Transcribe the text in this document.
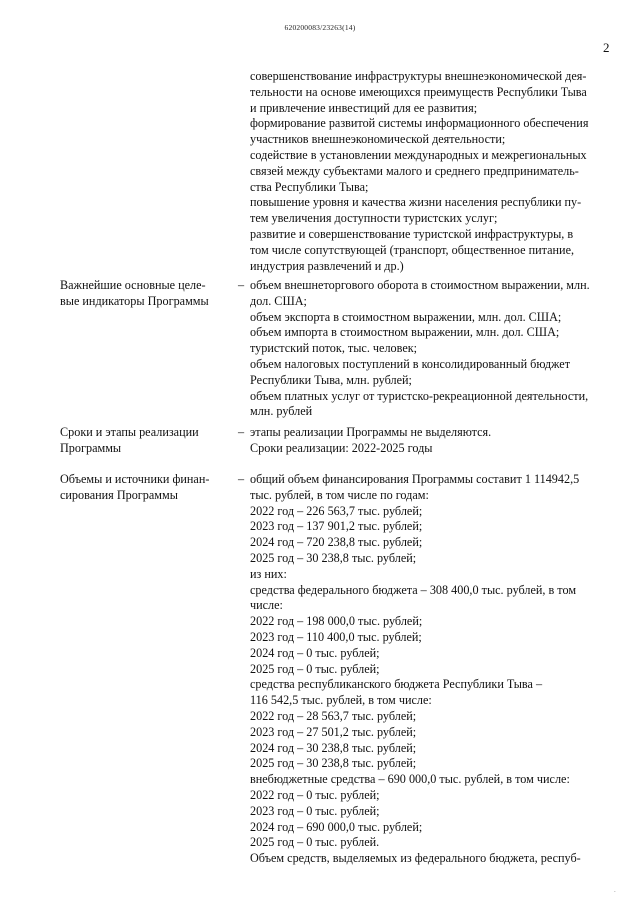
620200083/23263(14)
2

совершенствование инфраструктуры внешнеэкономической дея-

тельности на основе имеющихся преимуществ Республики Тыва

и привлечение инвестиций для ее развития;

формирование развитой системы информационного обеспечения

участников внешнеэкономической деятельности;

содействие в установлении международных и межрегиональных

связей между субъектами малого и среднего предприниматель-

ства Республики Тыва;

повышение уровня и качества жизни населения республики пу-

тем увеличения доступности туристских услуг;

развитие и совершенствование туристской инфраструктуры, в

том числе сопутствующей (транспорт, общественное питание,

индустрия развлечений и др.)

Важнейшие основные целе-

вые индикаторы Программы

– объем внешнеторгового оборота в стоимостном выражении, млн.

дол. США;

объем экспорта в стоимостном выражении, млн. дол. США;

объем импорта в стоимостном выражении, млн. дол. США;

туристский поток, тыс. человек;

объем налоговых поступлений в консолидированный бюджет

Республики Тыва, млн. рублей;

объем платных услуг от туристско-рекреационной деятельности,

млн. рублей

Сроки и этапы реализации

Программы

– этапы реализации Программы не выделяются.

Сроки реализации: 2022-2025 годы

Объемы и источники финан-

сирования Программы

– общий объем финансирования Программы составит 1 114942,5

тыс. рублей, в том числе по годам:

2022 год – 226 563,7 тыс. рублей;

2023 год – 137 901,2 тыс. рублей;

2024 год – 720 238,8 тыс. рублей;

2025 год – 30 238,8 тыс. рублей;

из них:

средства федерального бюджета – 308 400,0 тыс. рублей, в том

числе:

2022 год – 198 000,0 тыс. рублей;

2023 год – 110 400,0 тыс. рублей;

2024 год – 0 тыс. рублей;

2025 год – 0 тыс. рублей;

средства республиканского бюджета Республики Тыва –

116 542,5 тыс. рублей, в том числе:

2022 год – 28 563,7 тыс. рублей;

2023 год – 27 501,2 тыс. рублей;

2024 год – 30 238,8 тыс. рублей;

2025 год – 30 238,8 тыс. рублей;

внебюджетные средства – 690 000,0 тыс. рублей, в том числе:

2022 год – 0 тыс. рублей;

2023 год – 0 тыс. рублей;

2024 год – 690 000,0 тыс. рублей;

2025 год – 0 тыс. рублей.

Объем средств, выделяемых из федерального бюджета, респуб-

.
